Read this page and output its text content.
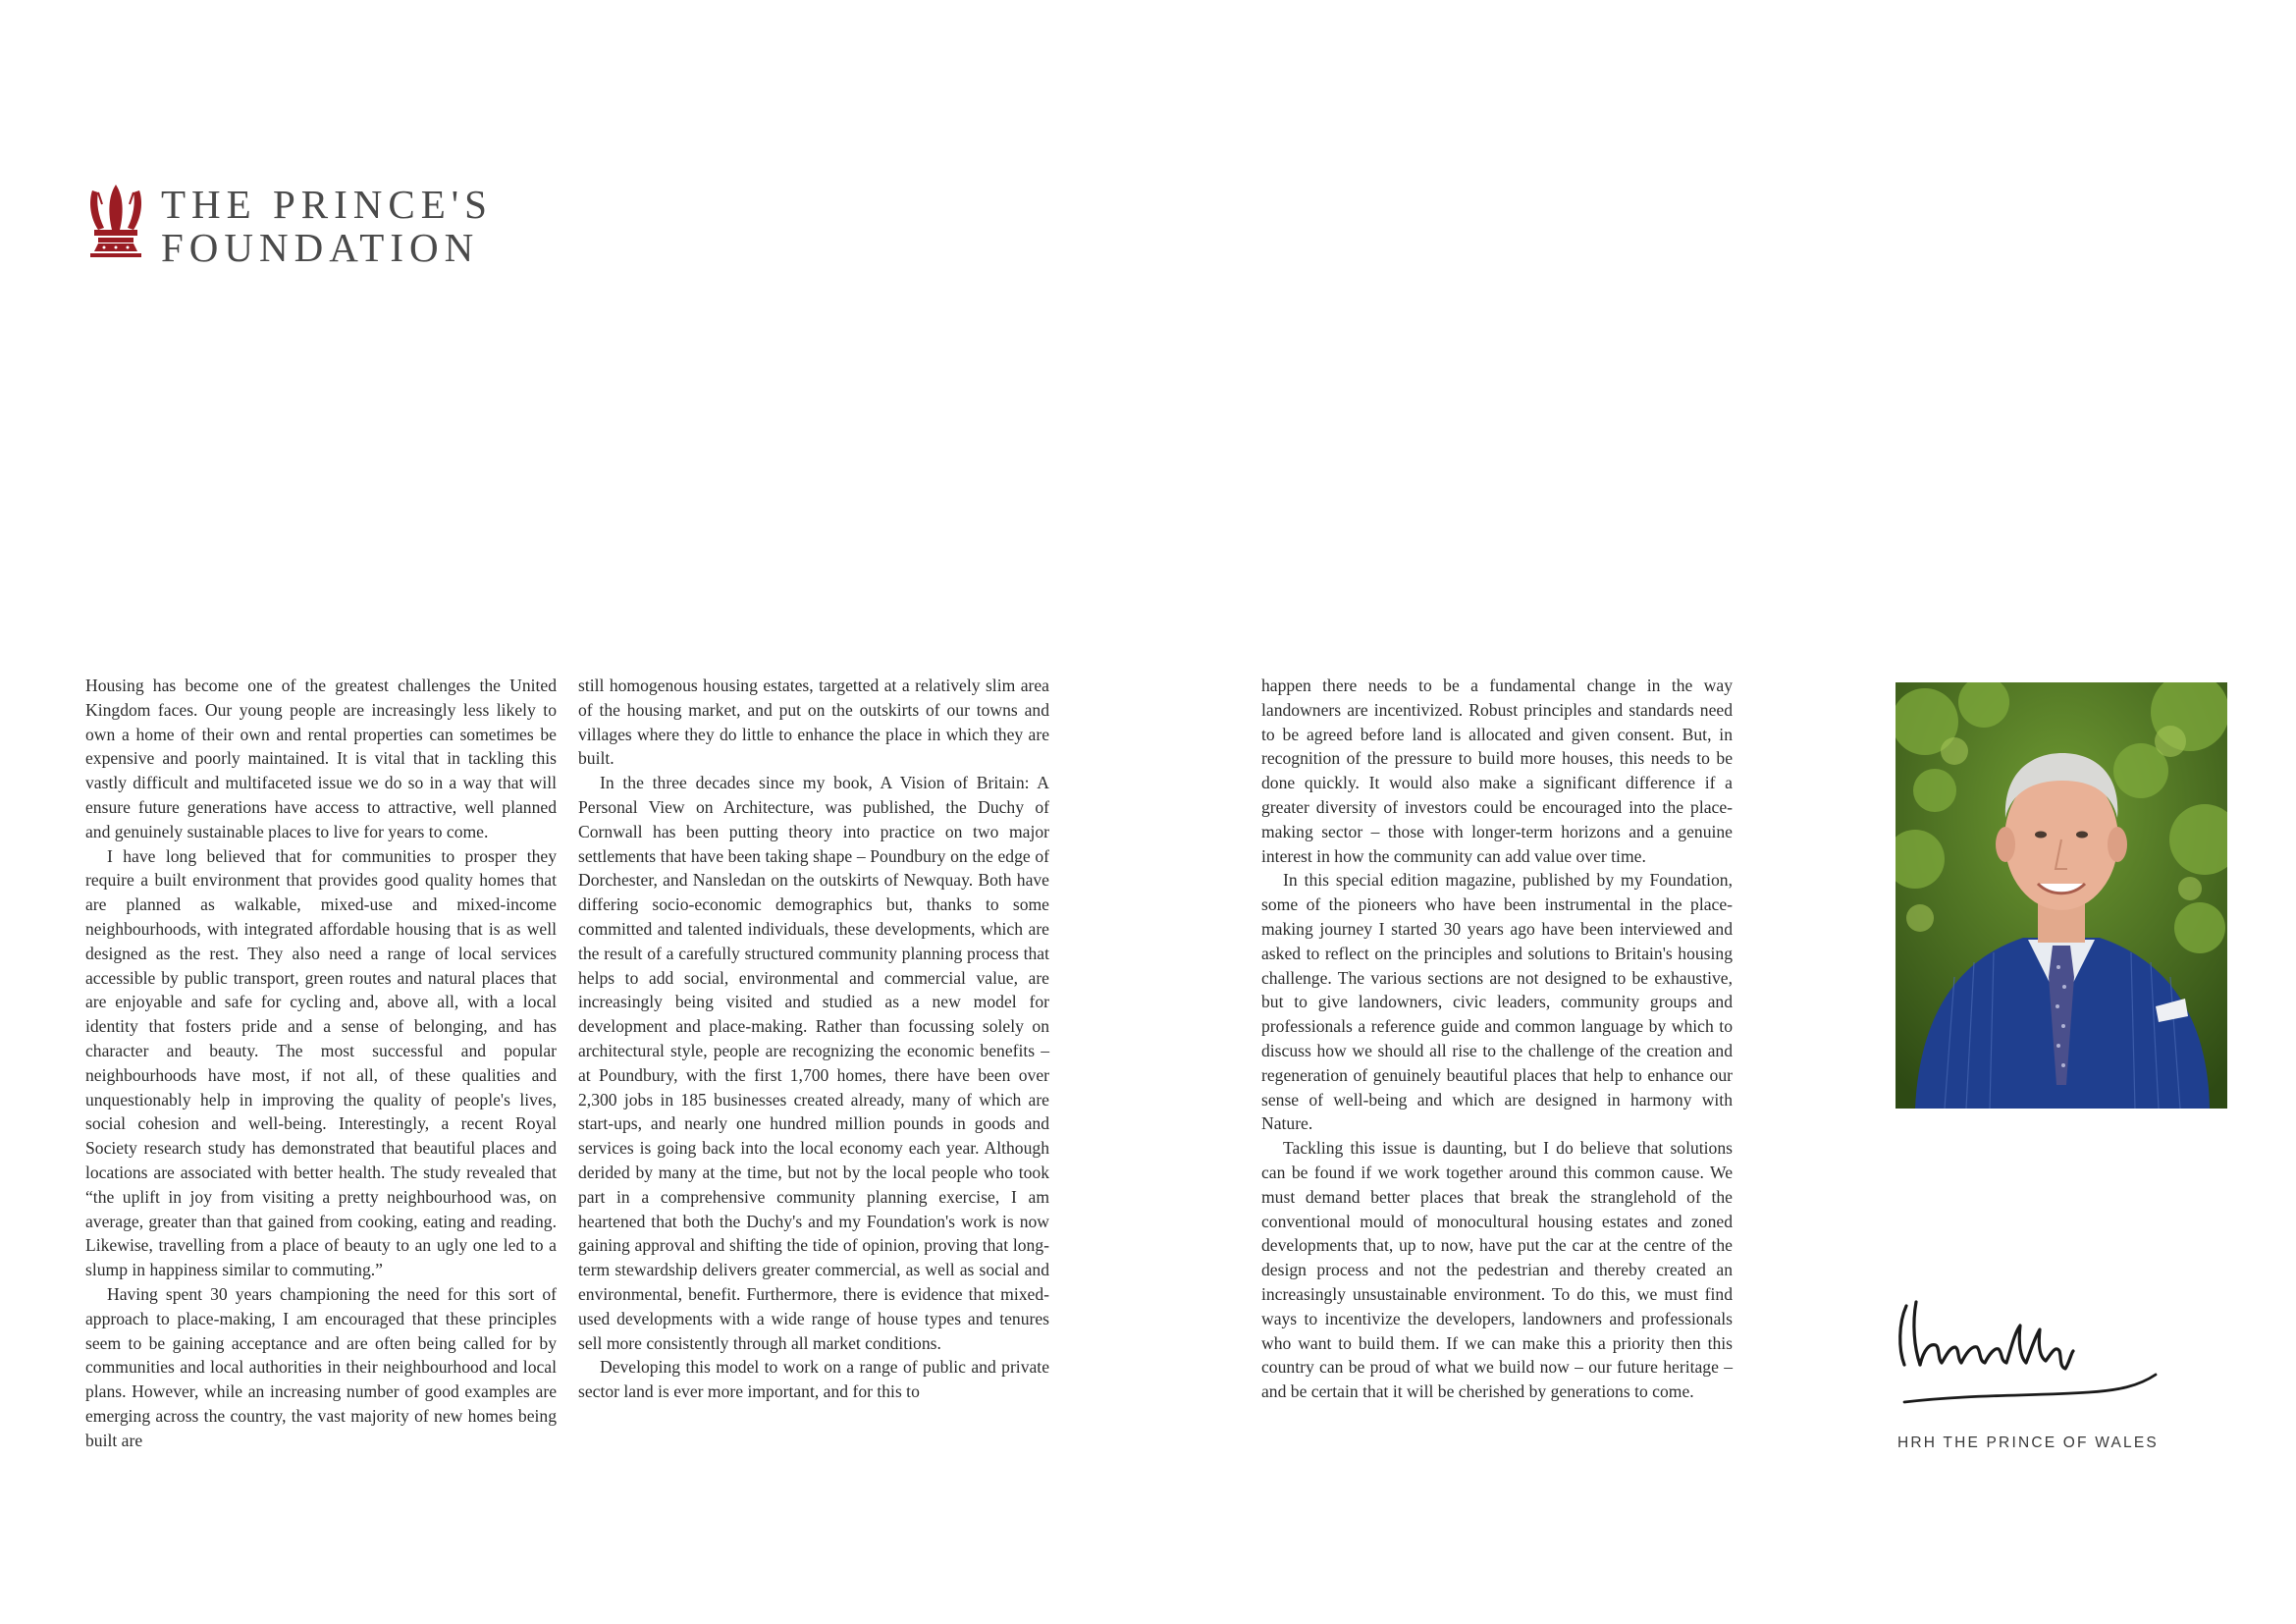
THE PRINCE'S
FOUNDATION

Housing has become one of the greatest challenges the United Kingdom faces. Our young people are increasingly less likely to own a home of their own and rental properties can sometimes be expensive and poorly maintained. It is vital that in tackling this vastly difficult and multifaceted issue we do so in a way that will ensure future generations have access to attractive, well planned and genuinely sustainable places to live for years to come.

I have long believed that for communities to prosper they require a built environment that provides good quality homes that are planned as walkable, mixed-use and mixed-income neighbourhoods, with integrated affordable housing that is as well designed as the rest. They also need a range of local services accessible by public transport, green routes and natural places that are enjoyable and safe for cycling and, above all, with a local identity that fosters pride and a sense of belonging, and has character and beauty. The most successful and popular neighbourhoods have most, if not all, of these qualities and unquestionably help in improving the quality of people's lives, social cohesion and well-being. Interestingly, a recent Royal Society research study has demonstrated that beautiful places and locations are associated with better health. The study revealed that “the uplift in joy from visiting a pretty neighbourhood was, on average, greater than that gained from cooking, eating and reading. Likewise, travelling from a place of beauty to an ugly one led to a slump in happiness similar to commuting.”

Having spent 30 years championing the need for this sort of approach to place-making, I am encouraged that these principles seem to be gaining acceptance and are often being called for by communities and local authorities in their neighbourhood and local plans. However, while an increasing number of good examples are emerging across the country, the vast majority of new homes being built are

still homogenous housing estates, targetted at a relatively slim area of the housing market, and put on the outskirts of our towns and villages where they do little to enhance the place in which they are built.

In the three decades since my book, A Vision of Britain: A Personal View on Architecture, was published, the Duchy of Cornwall has been putting theory into practice on two major settlements that have been taking shape – Poundbury on the edge of Dorchester, and Nansledan on the outskirts of Newquay. Both have differing socio-economic demographics but, thanks to some committed and talented individuals, these developments, which are the result of a carefully structured community planning process that helps to add social, environmental and commercial value, are increasingly being visited and studied as a new model for development and place-making. Rather than focussing solely on architectural style, people are recognizing the economic benefits – at Poundbury, with the first 1,700 homes, there have been over 2,300 jobs in 185 businesses created already, many of which are start-ups, and nearly one hundred million pounds in goods and services is going back into the local economy each year. Although derided by many at the time, but not by the local people who took part in a comprehensive community planning exercise, I am heartened that both the Duchy's and my Foundation's work is now gaining approval and shifting the tide of opinion, proving that long-term stewardship delivers greater commercial, as well as social and environmental, benefit. Furthermore, there is evidence that mixed-used developments with a wide range of house types and tenures sell more consistently through all market conditions.

Developing this model to work on a range of public and private sector land is ever more important, and for this to

happen there needs to be a fundamental change in the way landowners are incentivized. Robust principles and standards need to be agreed before land is allocated and given consent. But, in recognition of the pressure to build more houses, this needs to be done quickly. It would also make a significant difference if a greater diversity of investors could be encouraged into the place-making sector – those with longer-term horizons and a genuine interest in how the community can add value over time.

In this special edition magazine, published by my Foundation, some of the pioneers who have been instrumental in the place-making journey I started 30 years ago have been interviewed and asked to reflect on the principles and solutions to Britain's housing challenge. The various sections are not designed to be exhaustive, but to give landowners, civic leaders, community groups and professionals a reference guide and common language by which to discuss how we should all rise to the challenge of the creation and regeneration of genuinely beautiful places that help to enhance our sense of well-being and which are designed in harmony with Nature.

Tackling this issue is daunting, but I do believe that solutions can be found if we work together around this common cause. We must demand better places that break the stranglehold of the conventional mould of monocultural housing estates and zoned developments that, up to now, have put the car at the centre of the design process and not the pedestrian and thereby created an increasingly unsustainable environment. To do this, we must find ways to incentivize the developers, landowners and professionals who want to build them. If we can make this a priority then this country can be proud of what we build now – our future heritage – and be certain that it will be cherished by generations to come.

HRH THE PRINCE OF WALES
